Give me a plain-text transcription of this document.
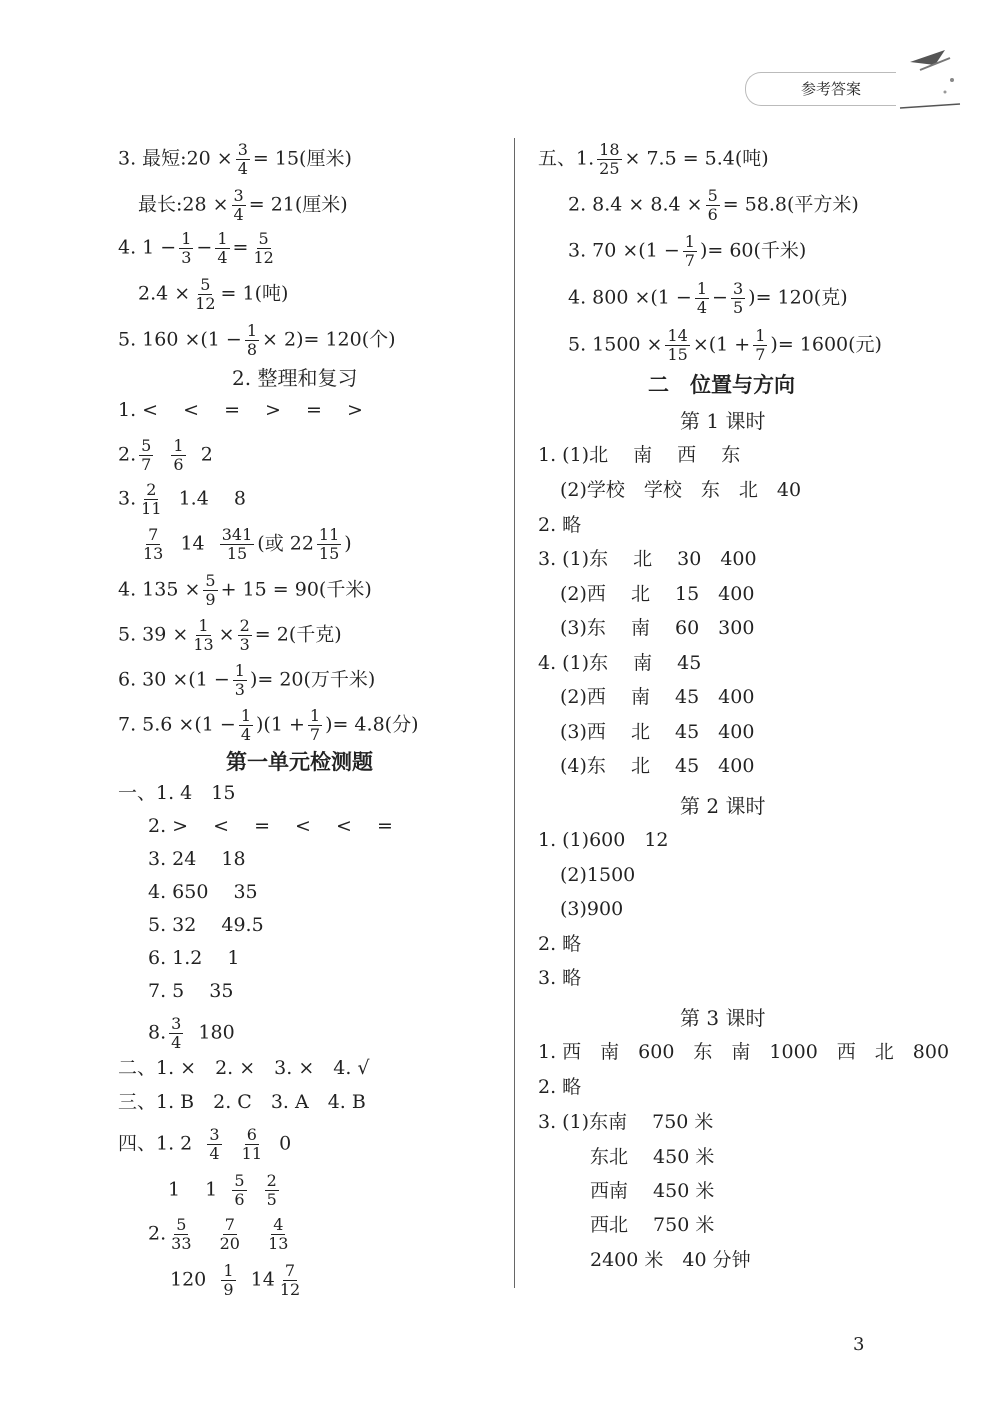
参考答案
3. 最短:20 × $\frac{3}{4} = 15$(厘米)
最长:28 × $\frac{3}{4} = 21$(厘米)
4. $1 - \frac{1}{3} - \frac{1}{4} = \frac{5}{12}$
$2.4 \times \frac{5}{12} = 1$(吨)
5. $160 \times(1 - \frac{1}{8} \times 2)= 120$(个)
2. 整理和复习
1. <　 <　 =　 >　 =　 >
2. $\frac{5}{7}$
$\frac{1}{6} 2$
3. $\frac{2}{11} 1.4$　 8
$\frac{7}{13} 14 \frac{341}{15}$ (或 $22 \frac{11}{15}$ )
4. $135 \times \frac{5}{9} + 15 = 90$(千米)
5. $39 \times \frac{1}{13} \times \frac{2}{3} = 2$(千克)
6. $30 \times(1 - \frac{1}{3}$ )= 20(万千米)
7. $5.6 \times(1 - \frac{1}{4} )(1 + \frac{1}{7}$ )= 4.8(分)
第一单元检测题
一、1. 4　15
2. >　 <　 =　 <　 <　 =
3. 24　 18
4. 650　 35
5. 32　 49.5
6. 1.2　 1
7. 5　 35
8. $\frac{3}{4} 180$
二、1. ×　2. ×　3. ×　4. √
三、1. B　2. C　3. A　4. B
四、1. $2 \frac{3}{4}$
$\frac{6}{11} 0$
1　 $1 \frac{5}{6}$
$\frac{2}{5}$
2. $\frac{5}{33}$
$\frac{7}{20}$
$\frac{4}{13}$
$120 \frac{1}{9} 14 \frac{7}{12}$
五、1. $\frac{18}{25} \times 7.5 = 5.4$(吨)
2. $8.4 \times 8.4 \times \frac{5}{6} = 58.8$(平方米)
3. $70 \times(1 - \frac{1}{7}$ )= 60(千米)
4. $800 \times(1 - \frac{1}{4} - \frac{3}{5}$ )= 120(克)
5. $1500 \times \frac{14}{15} \times(1 + \frac{1}{7}$ )= 1600(元)
二　位置与方向
第 1 课时
1. (1)北　 南　 西　 东
(2)学校　学校　东　北　40
2. 略
3. (1)东　 北　 30　400
(2)西　 北　 15　400
(3)东　 南　 60　300
4. (1)东　 南　 45
(2)西　 南　 45　400
(3)西　 北　 45　400
(4)东　 北　 45　400
第 2 课时
1. (1)600　12
(2)1500
(3)900
2. 略
3. 略
第 3 课时
1. 西　南　600　东　南　1000　西　北　800
2. 略
3. (1)东南　 750 米
东北　 450 米
西南　 450 米
西北　 750 米
2400 米　40 分钟
3
